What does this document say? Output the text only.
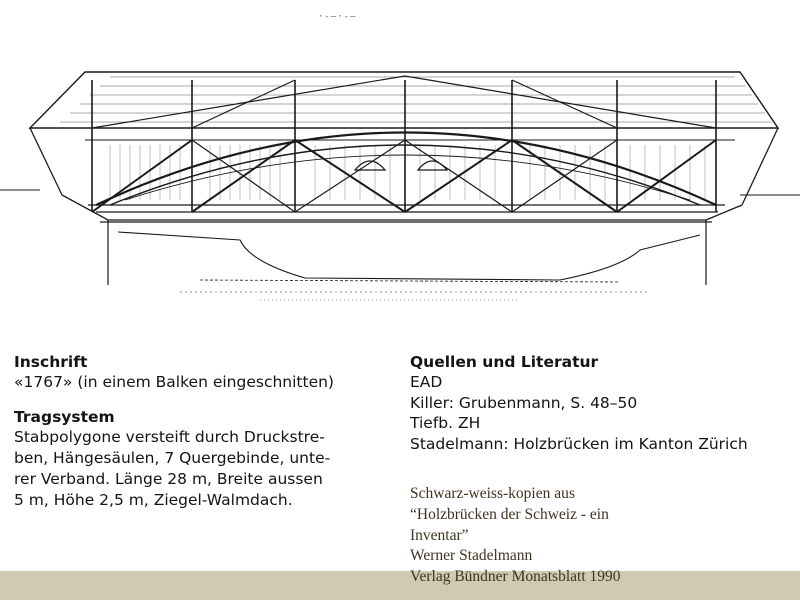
·-—·-—

Inschrift

«1767» (in einem Balken eingeschnitten)

Tragsystem

Stabpolygone versteift durch Druckstre-

ben, Hängesäulen, 7 Quergebinde, unte-

rer Verband. Länge 28 m, Breite aussen

5 m, Höhe 2,5 m, Ziegel-Walmdach.

Quellen und Literatur

EAD

Killer: Grubenmann, S. 48–50

Tiefb. ZH

Stadelmann: Holzbrücken im Kanton Zürich

Schwarz-weiss-kopien aus
“Holzbrücken der Schweiz - ein
Inventar”
Werner Stadelmann
Verlag Bündner Monatsblatt 1990
